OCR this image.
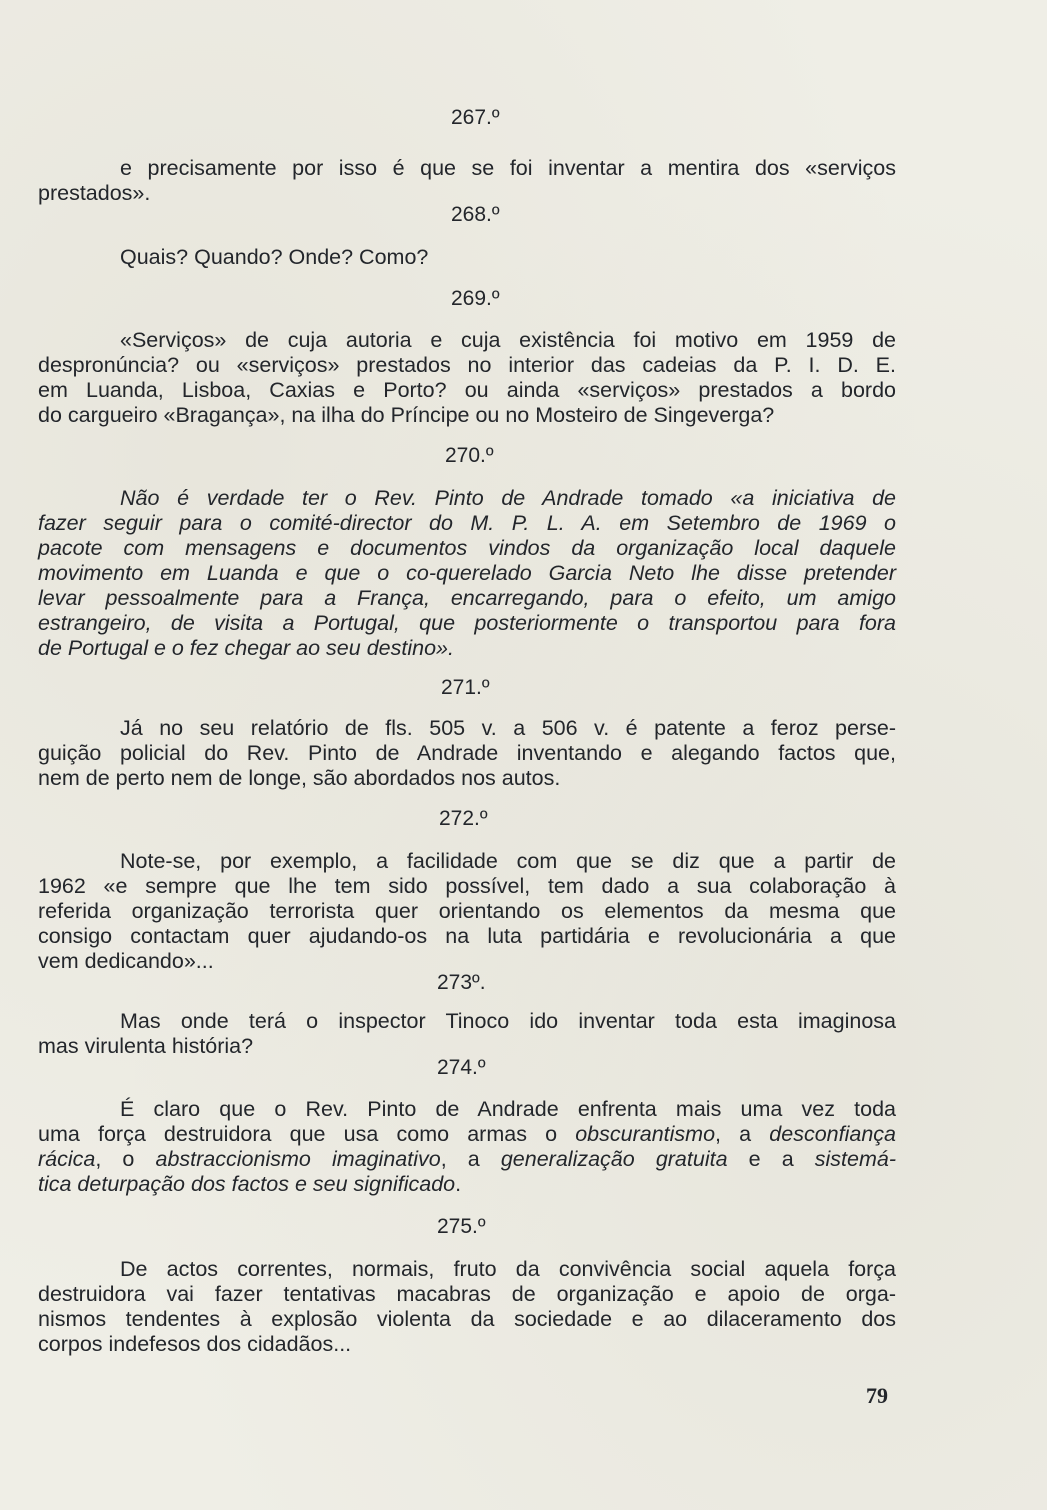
267.º
e precisamente por isso é que se foi inventar a mentira dos «serviços
prestados».
268.º
Quais? Quando? Onde? Como?
269.º
«Serviços» de cuja autoria e cuja existência foi motivo em 1959 de
despronúncia? ou «serviços» prestados no interior das cadeias da P. I. D. E.
em Luanda, Lisboa, Caxias e Porto? ou ainda «serviços» prestados a bordo
do cargueiro «Bragança», na ilha do Príncipe ou no Mosteiro de Singeverga?
270.º
Não é verdade ter o Rev. Pinto de Andrade tomado «a iniciativa de
fazer seguir para o comité-director do M. P. L. A. em Setembro de 1969 o
pacote com mensagens e documentos vindos da organização local daquele
movimento em Luanda e que o co-querelado Garcia Neto lhe disse pretender
levar pessoalmente para a França, encarregando, para o efeito, um amigo
estrangeiro, de visita a Portugal, que posteriormente o transportou para fora
de Portugal e o fez chegar ao seu destino».
271.º
Já no seu relatório de fls. 505 v. a 506 v. é patente a feroz perse-
guição policial do Rev. Pinto de Andrade inventando e alegando factos que,
nem de perto nem de longe, são abordados nos autos.
272.º
Note-se, por exemplo, a facilidade com que se diz que a partir de
1962 «e sempre que lhe tem sido possível, tem dado a sua colaboração à
referida organização terrorista quer orientando os elementos da mesma que
consigo contactam quer ajudando-os na luta partidária e revolucionária a que
vem dedicando»...
273º.
Mas onde terá o inspector Tinoco ido inventar toda esta imaginosa
mas virulenta história?
274.º
É claro que o Rev. Pinto de Andrade enfrenta mais uma vez toda
uma força destruidora que usa como armas o obscurantismo, a desconfiança
rácica, o abstraccionismo imaginativo, a generalização gratuita e a sistemá-
tica deturpação dos factos e seu significado.
275.º
De actos correntes, normais, fruto da convivência social aquela força
destruidora vai fazer tentativas macabras de organização e apoio de orga-
nismos tendentes à explosão violenta da sociedade e ao dilaceramento dos
corpos indefesos dos cidadãos...
79
